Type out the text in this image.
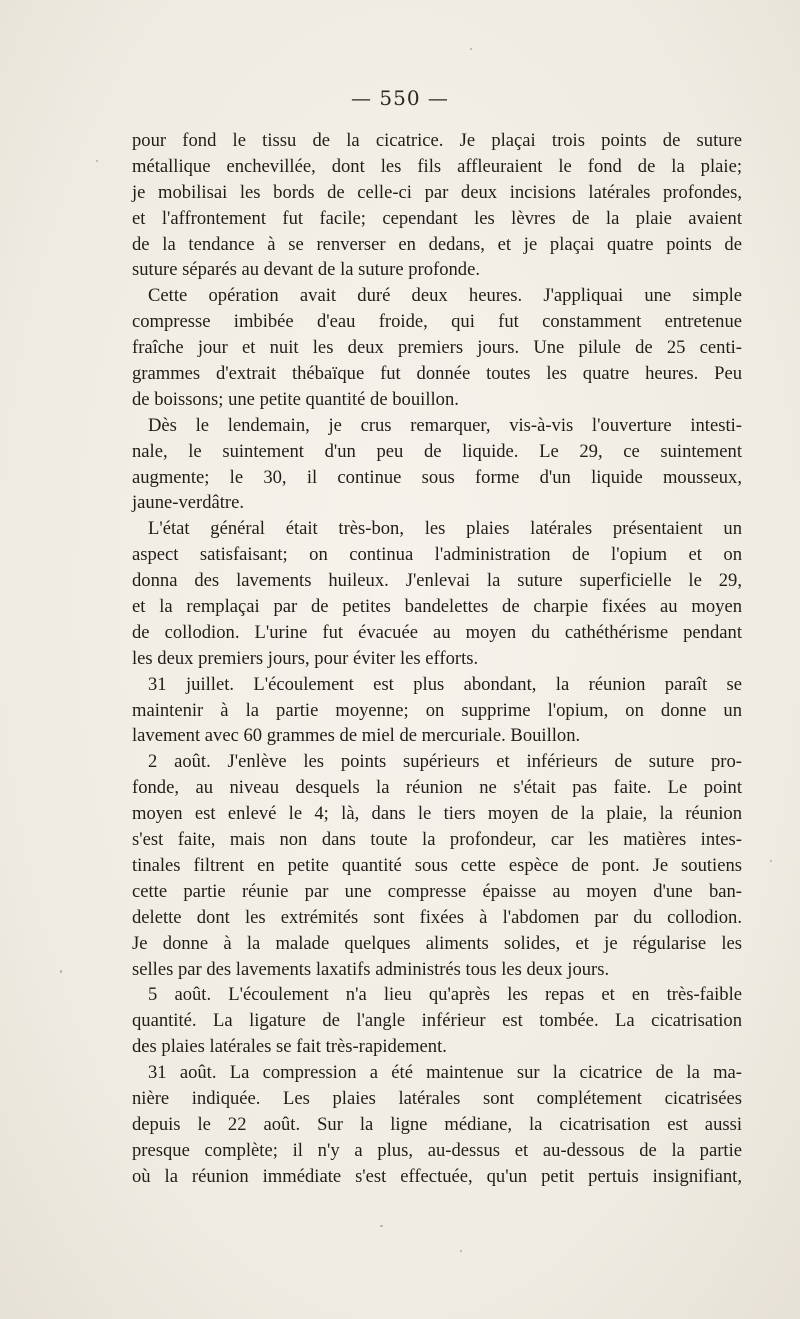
— 550 —
pour fond le tissu de la cicatrice. Je plaçai trois points de suture
métallique enchevillée, dont les fils affleuraient le fond de la plaie;
je mobilisai les bords de celle-ci par deux incisions latérales profondes,
et l'affrontement fut facile; cependant les lèvres de la plaie avaient
de la tendance à se renverser en dedans, et je plaçai quatre points de
suture séparés au devant de la suture profonde.
Cette opération avait duré deux heures. J'appliquai une simple
compresse imbibée d'eau froide, qui fut constamment entretenue
fraîche jour et nuit les deux premiers jours. Une pilule de 25 centi-
grammes d'extrait thébaïque fut donnée toutes les quatre heures. Peu
de boissons; une petite quantité de bouillon.
Dès le lendemain, je crus remarquer, vis-à-vis l'ouverture intesti-
nale, le suintement d'un peu de liquide. Le 29, ce suintement
augmente; le 30, il continue sous forme d'un liquide mousseux,
jaune-verdâtre.
L'état général était très-bon, les plaies latérales présentaient un
aspect satisfaisant; on continua l'administration de l'opium et on
donna des lavements huileux. J'enlevai la suture superficielle le 29,
et la remplaçai par de petites bandelettes de charpie fixées au moyen
de collodion. L'urine fut évacuée au moyen du cathéthérisme pendant
les deux premiers jours, pour éviter les efforts.
31 juillet. L'écoulement est plus abondant, la réunion paraît se
maintenir à la partie moyenne; on supprime l'opium, on donne un
lavement avec 60 grammes de miel de mercuriale. Bouillon.
2 août. J'enlève les points supérieurs et inférieurs de suture pro-
fonde, au niveau desquels la réunion ne s'était pas faite. Le point
moyen est enlevé le 4; là, dans le tiers moyen de la plaie, la réunion
s'est faite, mais non dans toute la profondeur, car les matières intes-
tinales filtrent en petite quantité sous cette espèce de pont. Je soutiens
cette partie réunie par une compresse épaisse au moyen d'une ban-
delette dont les extrémités sont fixées à l'abdomen par du collodion.
Je donne à la malade quelques aliments solides, et je régularise les
selles par des lavements laxatifs administrés tous les deux jours.
5 août. L'écoulement n'a lieu qu'après les repas et en très-faible
quantité. La ligature de l'angle inférieur est tombée. La cicatrisation
des plaies latérales se fait très-rapidement.
31 août. La compression a été maintenue sur la cicatrice de la ma-
nière indiquée. Les plaies latérales sont complétement cicatrisées
depuis le 22 août. Sur la ligne médiane, la cicatrisation est aussi
presque complète; il n'y a plus, au-dessus et au-dessous de la partie
où la réunion immédiate s'est effectuée, qu'un petit pertuis insignifiant,
